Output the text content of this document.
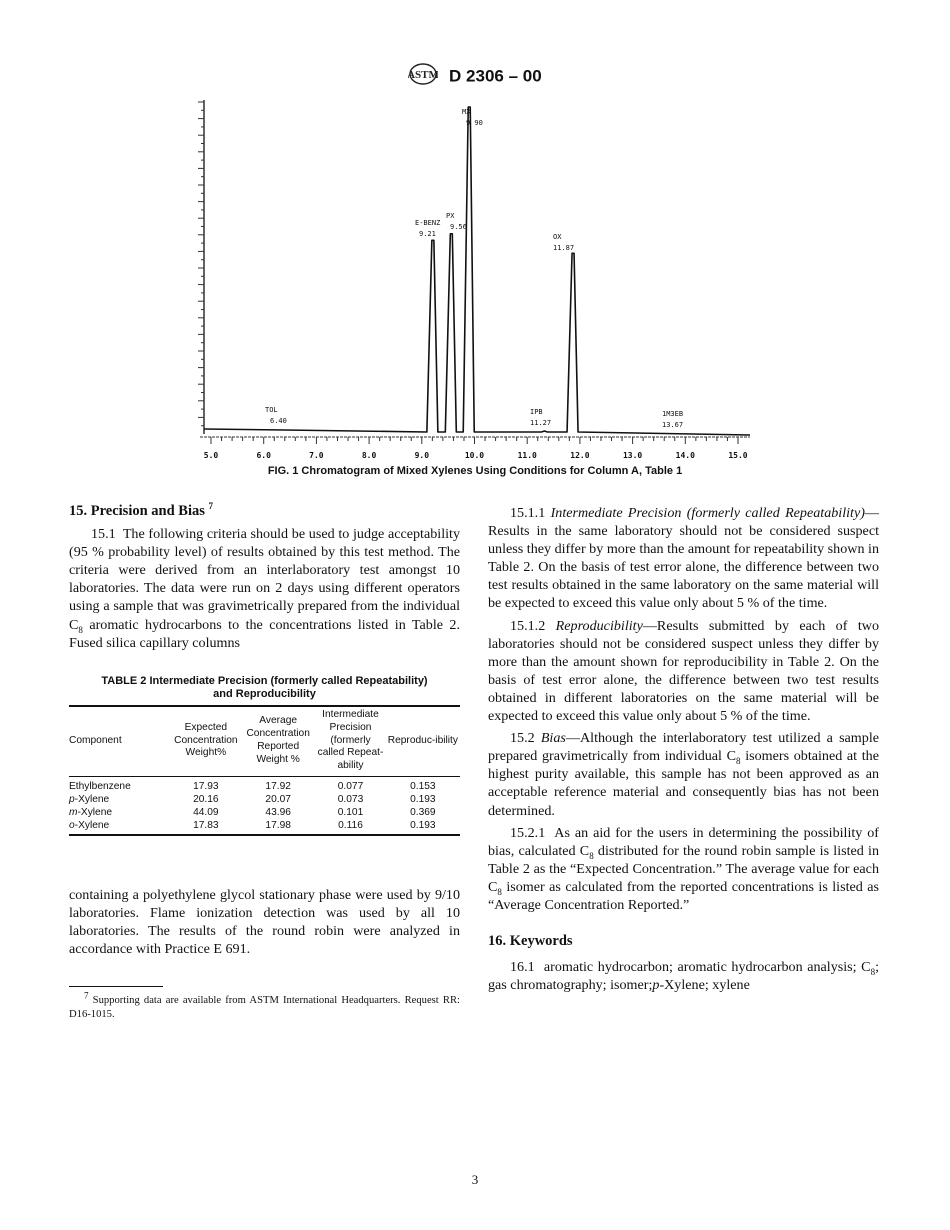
ASTM D 2306 – 00
5.0	6.0	7.0	8.0	9.0	10.0	11.0	12.0	13.0	14.0	15.0
TOL
6.40
E-BENZ
9.21
PX
9.56
MX
9 90
IPB
11.27
OX
11.87
1M3EB
13.67
FIG. 1 Chromatogram of Mixed Xylenes Using Conditions for Column A, Table 1
15. Precision and Bias $^7$

15.1 The following criteria should be used to judge acceptability (95 % probability level) of results obtained by this test method. The criteria were derived from an interlaboratory test amongst 10 laboratories. The data were run on 2 days using different operators using a sample that was gravimetrically prepared from the individual $C_8$ aromatic hydrocarbons to the concentrations listed in Table 2. Fused silica capillary columns

TABLE 2 Intermediate Precision (formerly called Repeatability)
and Reproducibility
Component	Expected Concentration Weight%	Average Concentration Reported Weight %	Intermediate Precision (formerly called Repeat-ability	Reproduc-ibility
Ethylbenzene	17.93	17.92	0.077	0.153
p-Xylene	20.16	20.07	0.073	0.193
m-Xylene	44.09	43.96	0.101	0.369
o-Xylene	17.83	17.98	0.116	0.193

containing a polyethylene glycol stationary phase were used by 9/10 laboratories. Flame ionization detection was used by all 10 laboratories. The results of the round robin were analyzed in accordance with Practice E 691.

$^7$ Supporting data are available from ASTM International Headquarters. Request RR: D16-1015.

15.1.1 Intermediate Precision (formerly called Repeatability)—Results in the same laboratory should not be considered suspect unless they differ by more than the amount for repeatability shown in Table 2. On the basis of test error alone, the difference between two test results obtained in the same laboratory on the same material will be expected to exceed this value only about 5 % of the time.

15.1.2 Reproducibility—Results submitted by each of two laboratories should not be considered suspect unless they differ by more than the amount shown for reproducibility in Table 2. On the basis of test error alone, the difference between two test results obtained in different laboratories on the same material will be expected to exceed this value only about 5 % of the time.

15.2 Bias—Although the interlaboratory test utilized a sample prepared gravimetrically from individual $C_8$ isomers obtained at the highest purity available, this sample has not been approved as an acceptable reference material and consequently bias has not been determined.

15.2.1 As an aid for the users in determining the possibility of bias, calculated $C_8$ distributed for the round robin sample is listed in Table 2 as the “Expected Concentration.” The average value for each $C_8$ isomer as calculated from the reported concentrations is listed as “Average Concentration Reported.”

16. Keywords

16.1 aromatic hydrocarbon; aromatic hydrocarbon analysis; $C_8$; gas chromatography; isomer;p-Xylene; xylene

3
